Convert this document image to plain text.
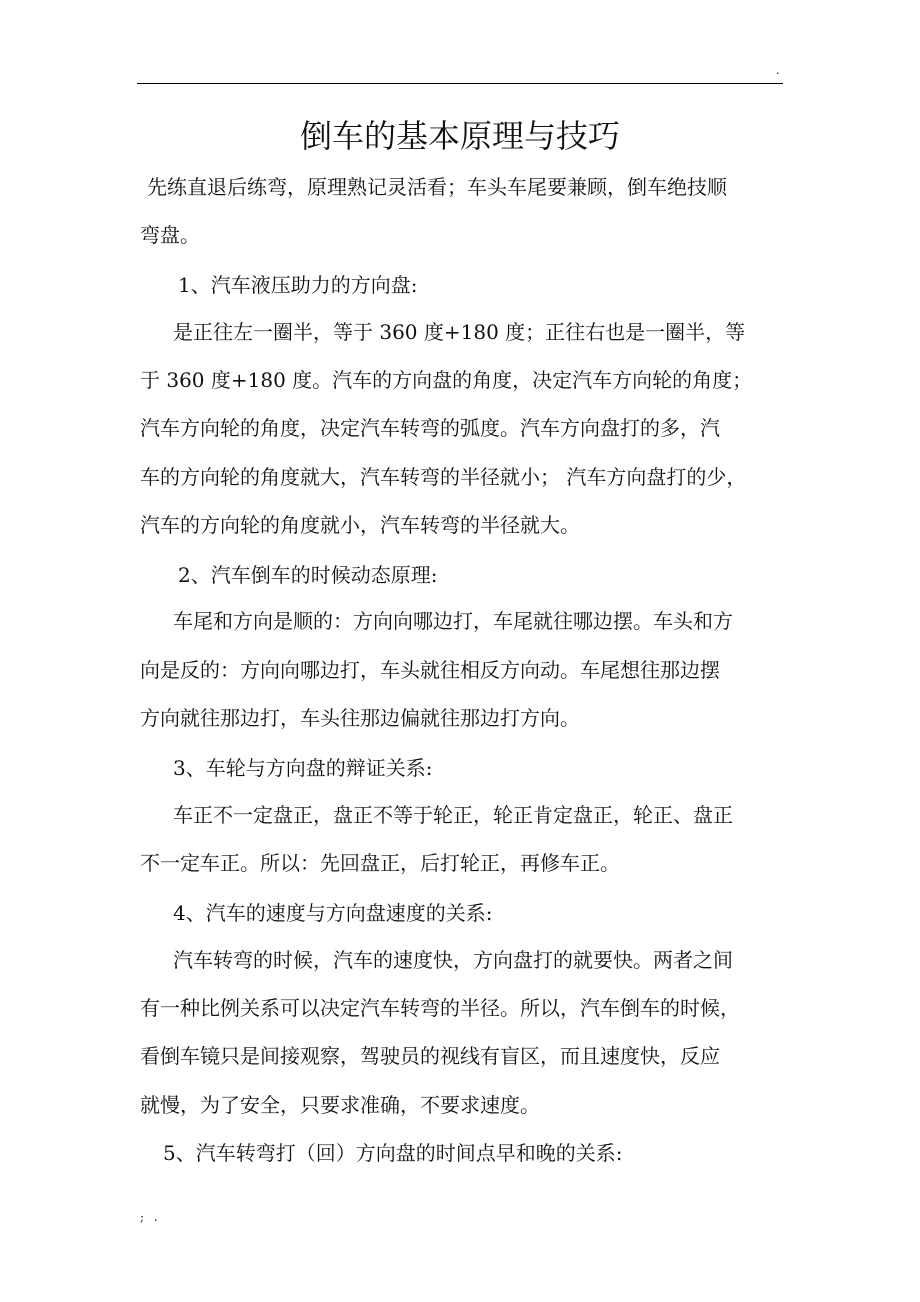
.
倒车的基本原理与技巧
先练直退后练弯，原理熟记灵活看；车头车尾要兼顾，倒车绝技顺
弯盘。
1、汽车液压助力的方向盘:
是正往左一圈半，等于 360 度+180 度；正往右也是一圈半，等
于 360 度+180 度。汽车的方向盘的角度，决定汽车方向轮的角度；
汽车方向轮的角度，决定汽车转弯的弧度。汽车方向盘打的多，汽
车的方向轮的角度就大，汽车转弯的半径就小； 汽车方向盘打的少，
汽车的方向轮的角度就小，汽车转弯的半径就大。
2、汽车倒车的时候动态原理:
车尾和方向是顺的：方向向哪边打，车尾就往哪边摆。车头和方
向是反的：方向向哪边打，车头就往相反方向动。车尾想往那边摆
方向就往那边打，车头往那边偏就往那边打方向。
3、车轮与方向盘的辩证关系:
车正不一定盘正，盘正不等于轮正，轮正肯定盘正，轮正、盘正
不一定车正。所以：先回盘正，后打轮正，再修车正。
4、汽车的速度与方向盘速度的关系:
汽车转弯的时候，汽车的速度快，方向盘打的就要快。两者之间
有一种比例关系可以决定汽车转弯的半径。所以，汽车倒车的时候，
看倒车镜只是间接观察，驾驶员的视线有盲区，而且速度快，反应
就慢，为了安全，只要求准确，不要求速度。
5、汽车转弯打（回）方向盘的时间点早和晚的关系:
; .
